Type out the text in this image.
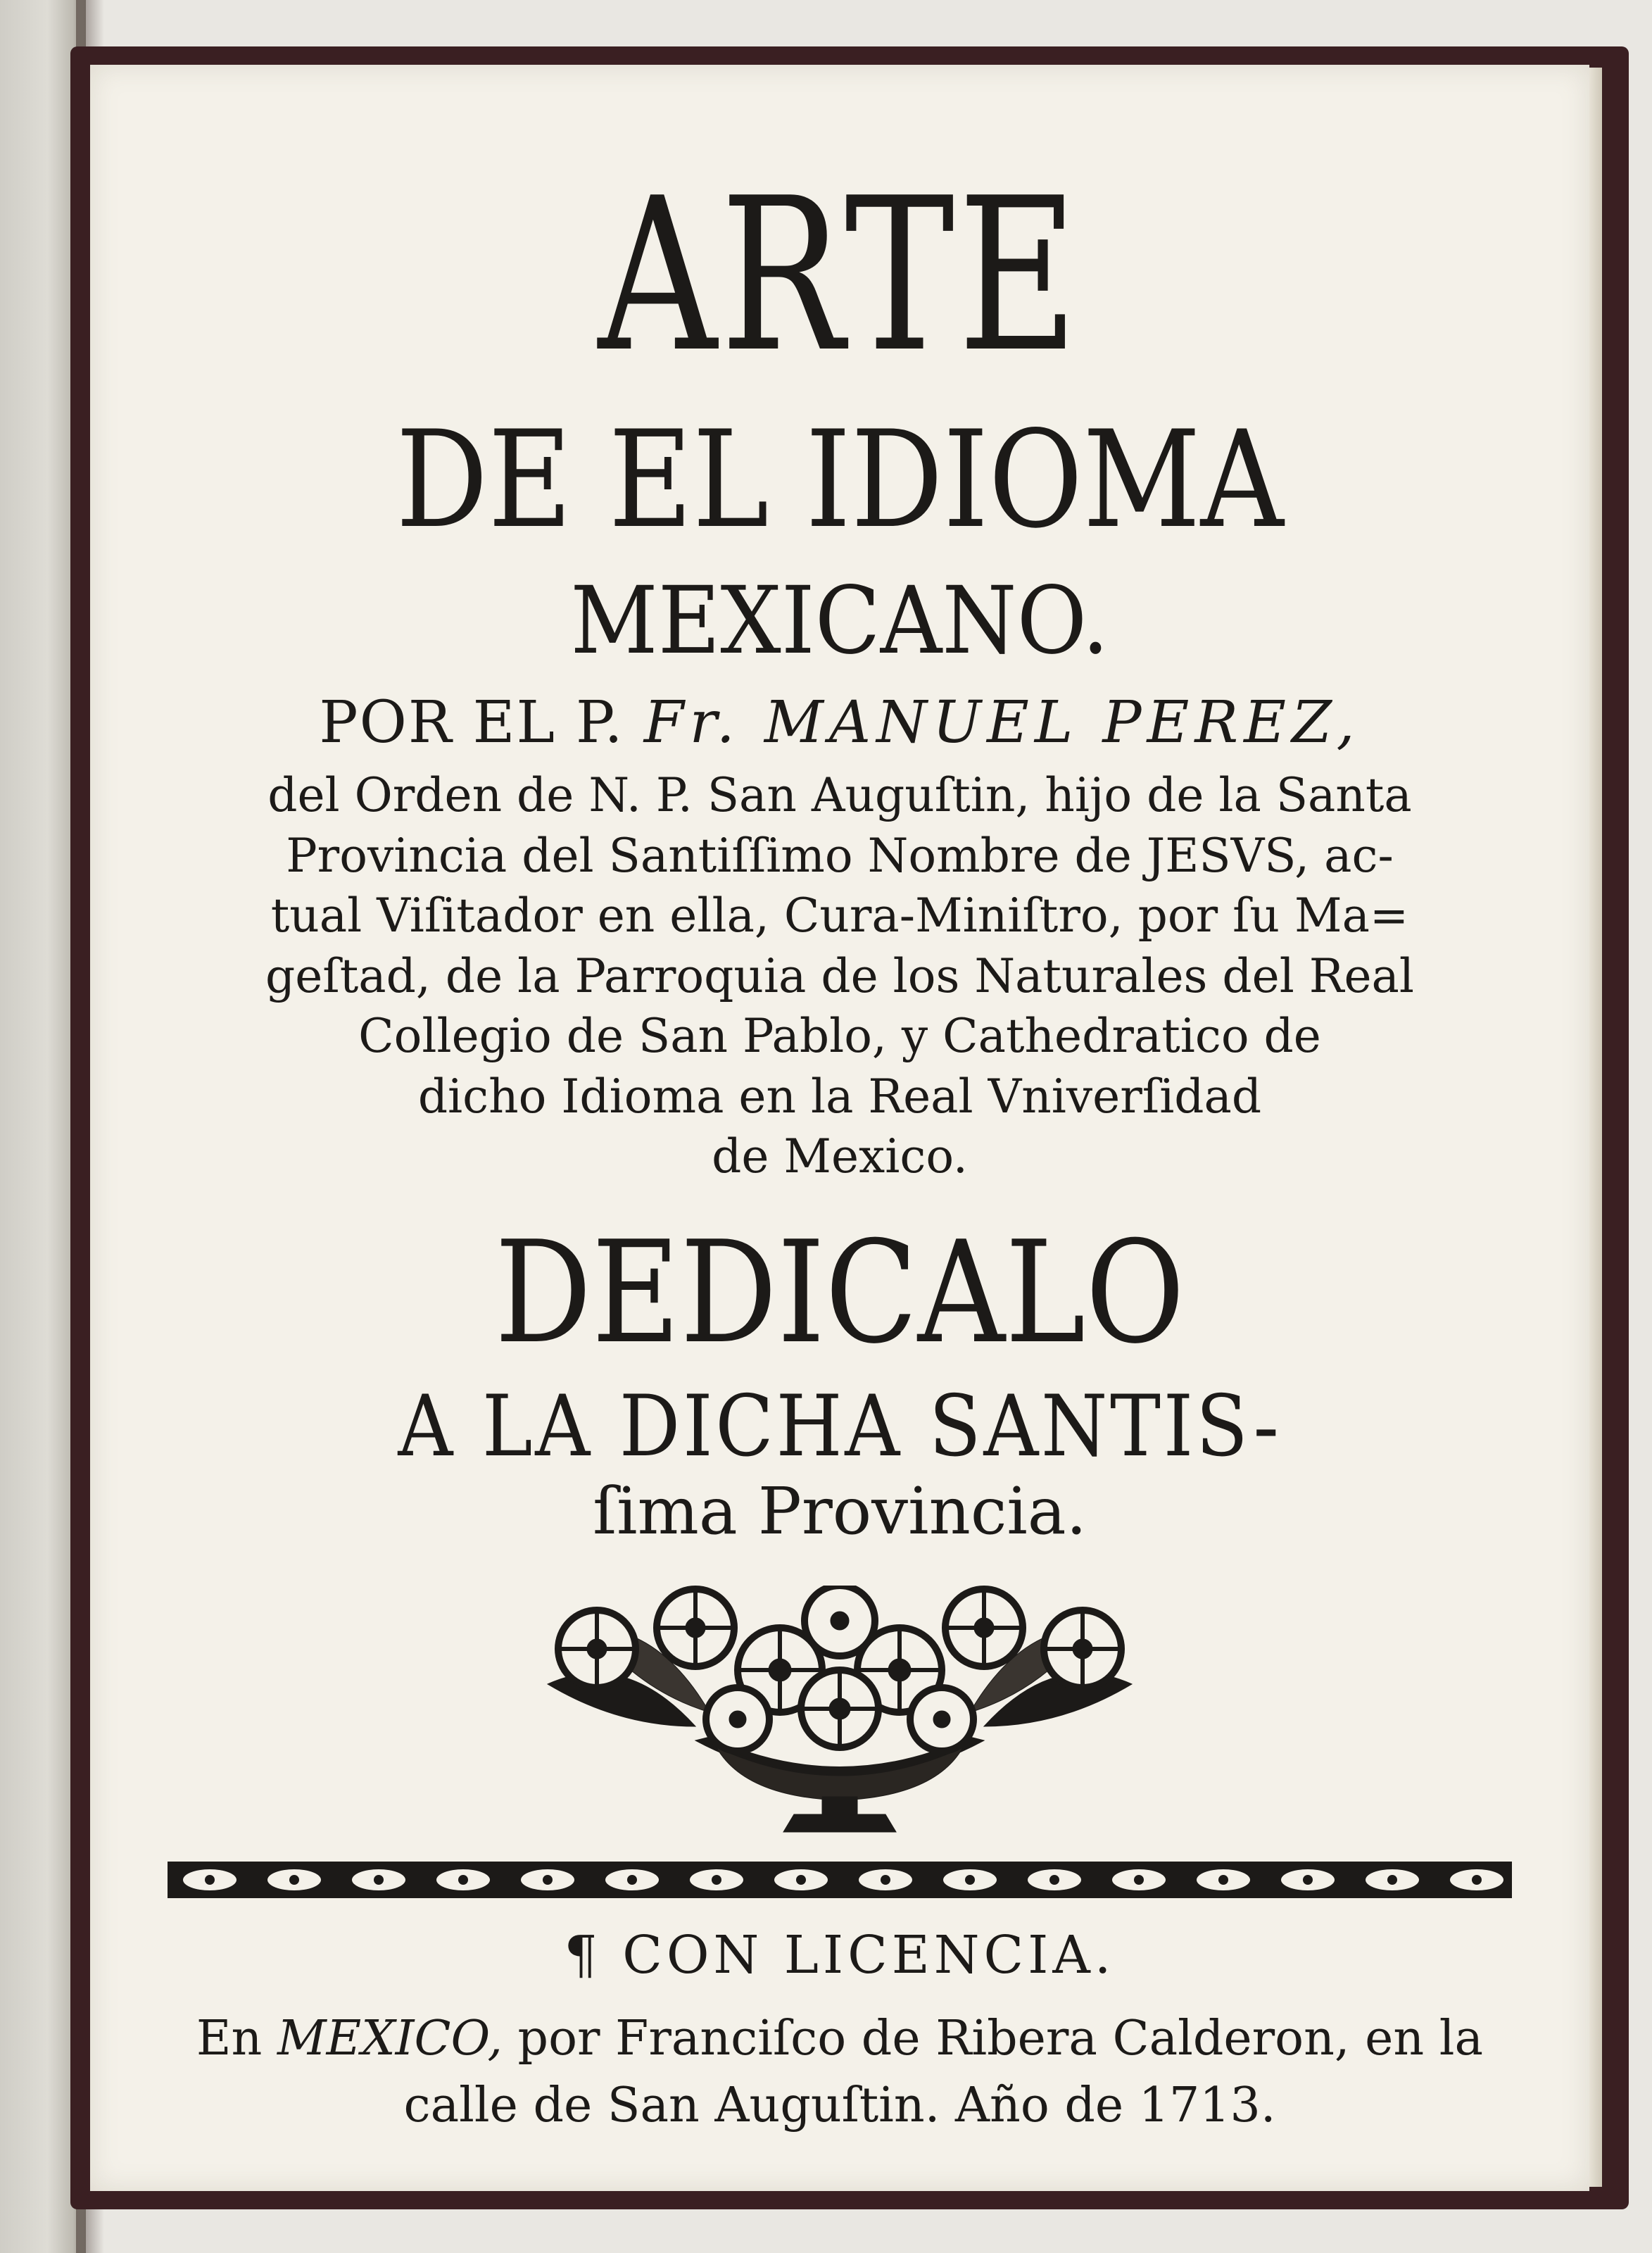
ARTE
DE EL IDIOMA
MEXICANO.
POR EL P. Fr. MANUEL PEREZ,
del Orden de N. P. San Auguſtin, hijo de la Santa
Provincia del Santiſſimo Nombre de JESVS, ac-
tual Viſitador en ella, Cura-Miniſtro, por ſu Ma=
geſtad, de la Parroquia de los Naturales del Real
Collegio de San Pablo, y Cathedratico de
dicho Idioma en la Real Vniverſidad
de Mexico.
DEDICALO
A LA DICHA SANTIS-
ſima Provincia.
¶ CON LICENCIA.
En MEXICO, por Franciſco de Ribera Calderon, en la
calle de San Auguſtin. Año de 1713.
